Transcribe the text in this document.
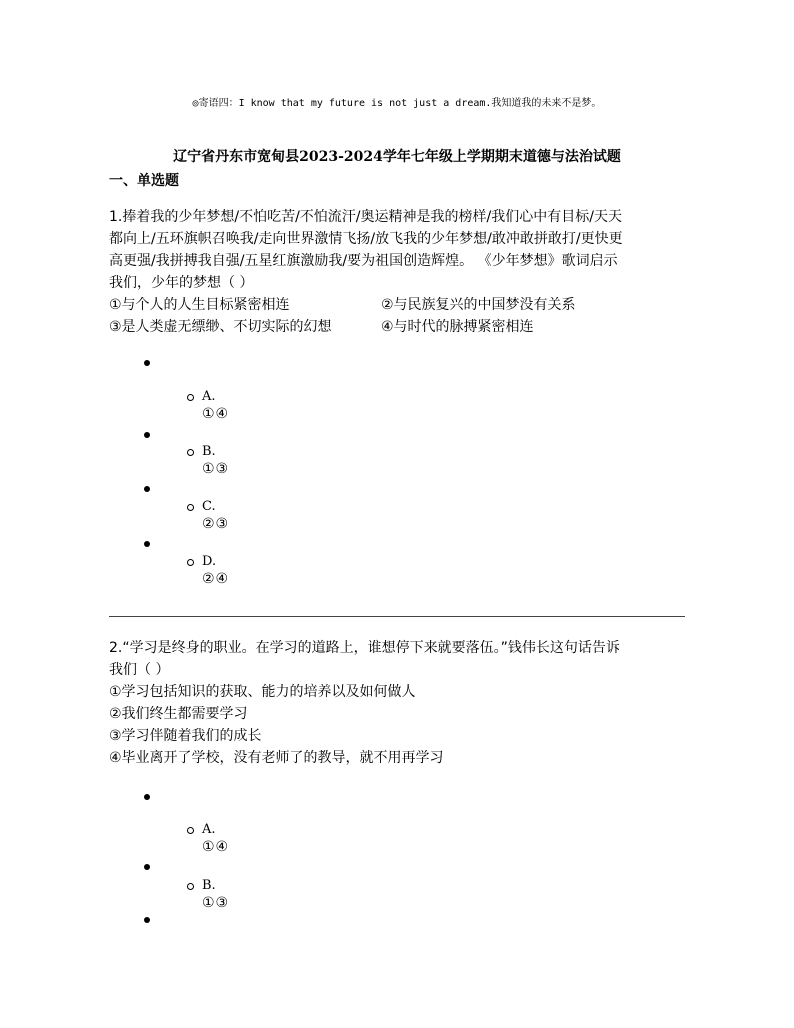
◎寄语四：I know that my future is not just a dream.我知道我的未来不是梦。
辽宁省丹东市宽甸县2023-2024学年七年级上学期期末道德与法治试题
一、单选题
1.捧着我的少年梦想/不怕吃苦/不怕流汗/奥运精神是我的榜样/我们心中有目标/天天
都向上/五环旗帜召唤我/走向世界激情飞扬/放飞我的少年梦想/敢冲敢拼敢打/更快更
高更强/我拼搏我自强/五星红旗激励我/要为祖国创造辉煌。 《少年梦想》歌词启示
我们，少年的梦想（ ）
①与个人的人生目标紧密相连	②与民族复兴的中国梦没有关系
③是人类虚无缥缈、不切实际的幻想	④与时代的脉搏紧密相连
A.
①④
B.
①③
C.
②③
D.
②④
2.“学习是终身的职业。在学习的道路上，谁想停下来就要落伍。”钱伟长这句话告诉
我们（ ）
①学习包括知识的获取、能力的培养以及如何做人
②我们终生都需要学习
③学习伴随着我们的成长
④毕业离开了学校，没有老师了的教导，就不用再学习
A.
①④
B.
①③
